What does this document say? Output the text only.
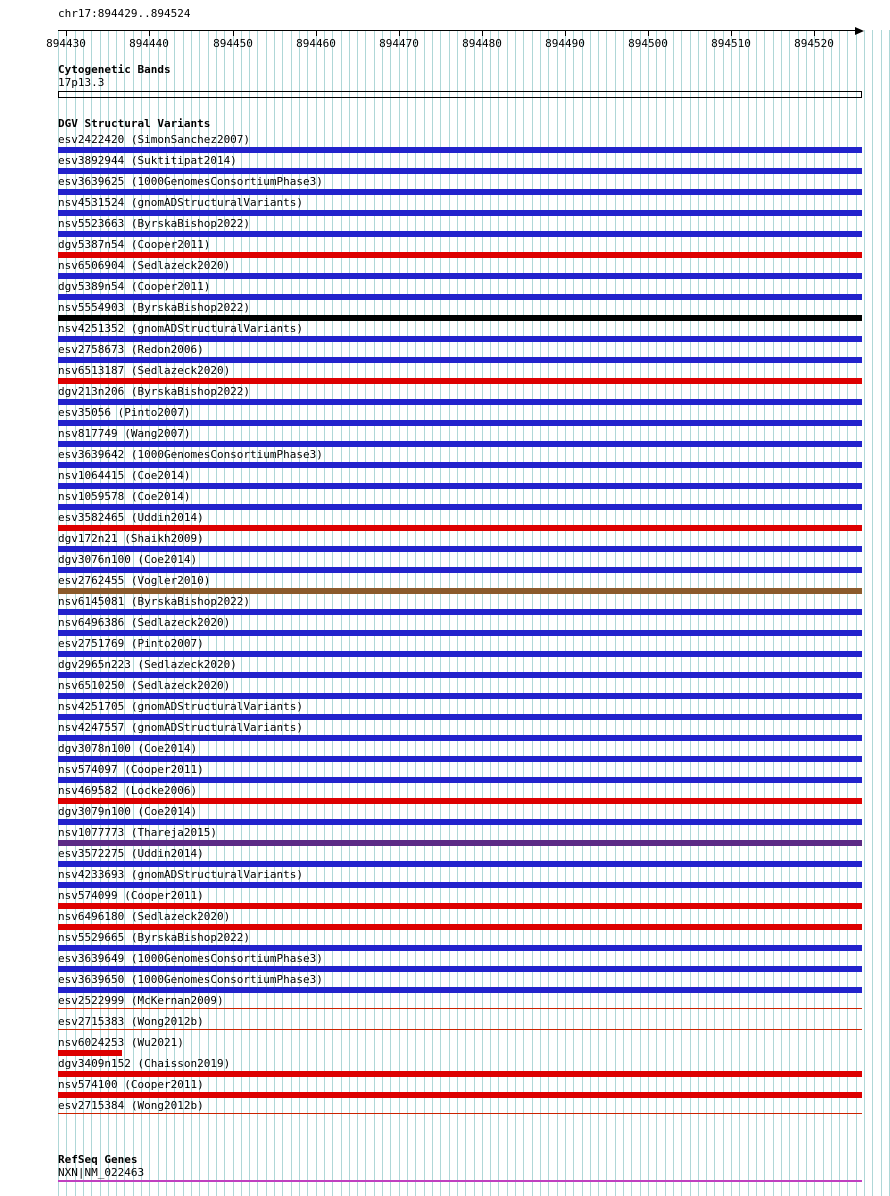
chr17:894429..894524
894430	894440	894450	894460	894470	894480	894490	894500	894510	894520
Cytogenetic Bands
17p13.3
DGV Structural Variants
esv2422420 (SimonSanchez2007)
esv3892944 (Suktitipat2014)
esv3639625 (1000GenomesConsortiumPhase3)
nsv4531524 (gnomADStructuralVariants)
nsv5523663 (ByrskaBishop2022)
dgv5387n54 (Cooper2011)
nsv6506904 (Sedlazeck2020)
dgv5389n54 (Cooper2011)
nsv5554903 (ByrskaBishop2022)
nsv4251352 (gnomADStructuralVariants)
esv2758673 (Redon2006)
nsv6513187 (Sedlazeck2020)
dgv213n206 (ByrskaBishop2022)
esv35056 (Pinto2007)
nsv817749 (Wang2007)
esv3639642 (1000GenomesConsortiumPhase3)
nsv1064415 (Coe2014)
nsv1059578 (Coe2014)
esv3582465 (Uddin2014)
dgv172n21 (Shaikh2009)
dgv3076n100 (Coe2014)
esv2762455 (Vogler2010)
nsv6145081 (ByrskaBishop2022)
nsv6496386 (Sedlazeck2020)
esv2751769 (Pinto2007)
dgv2965n223 (Sedlazeck2020)
nsv6510250 (Sedlazeck2020)
nsv4251705 (gnomADStructuralVariants)
nsv4247557 (gnomADStructuralVariants)
dgv3078n100 (Coe2014)
nsv574097 (Cooper2011)
nsv469582 (Locke2006)
dgv3079n100 (Coe2014)
nsv1077773 (Thareja2015)
esv3572275 (Uddin2014)
nsv4233693 (gnomADStructuralVariants)
nsv574099 (Cooper2011)
nsv6496180 (Sedlazeck2020)
nsv5529665 (ByrskaBishop2022)
esv3639649 (1000GenomesConsortiumPhase3)
esv3639650 (1000GenomesConsortiumPhase3)
esv2522999 (McKernan2009)
esv2715383 (Wong2012b)
nsv6024253 (Wu2021)
dgv3409n152 (Chaisson2019)
nsv574100 (Cooper2011)
esv2715384 (Wong2012b)
RefSeq Genes
NXN|NM_022463
